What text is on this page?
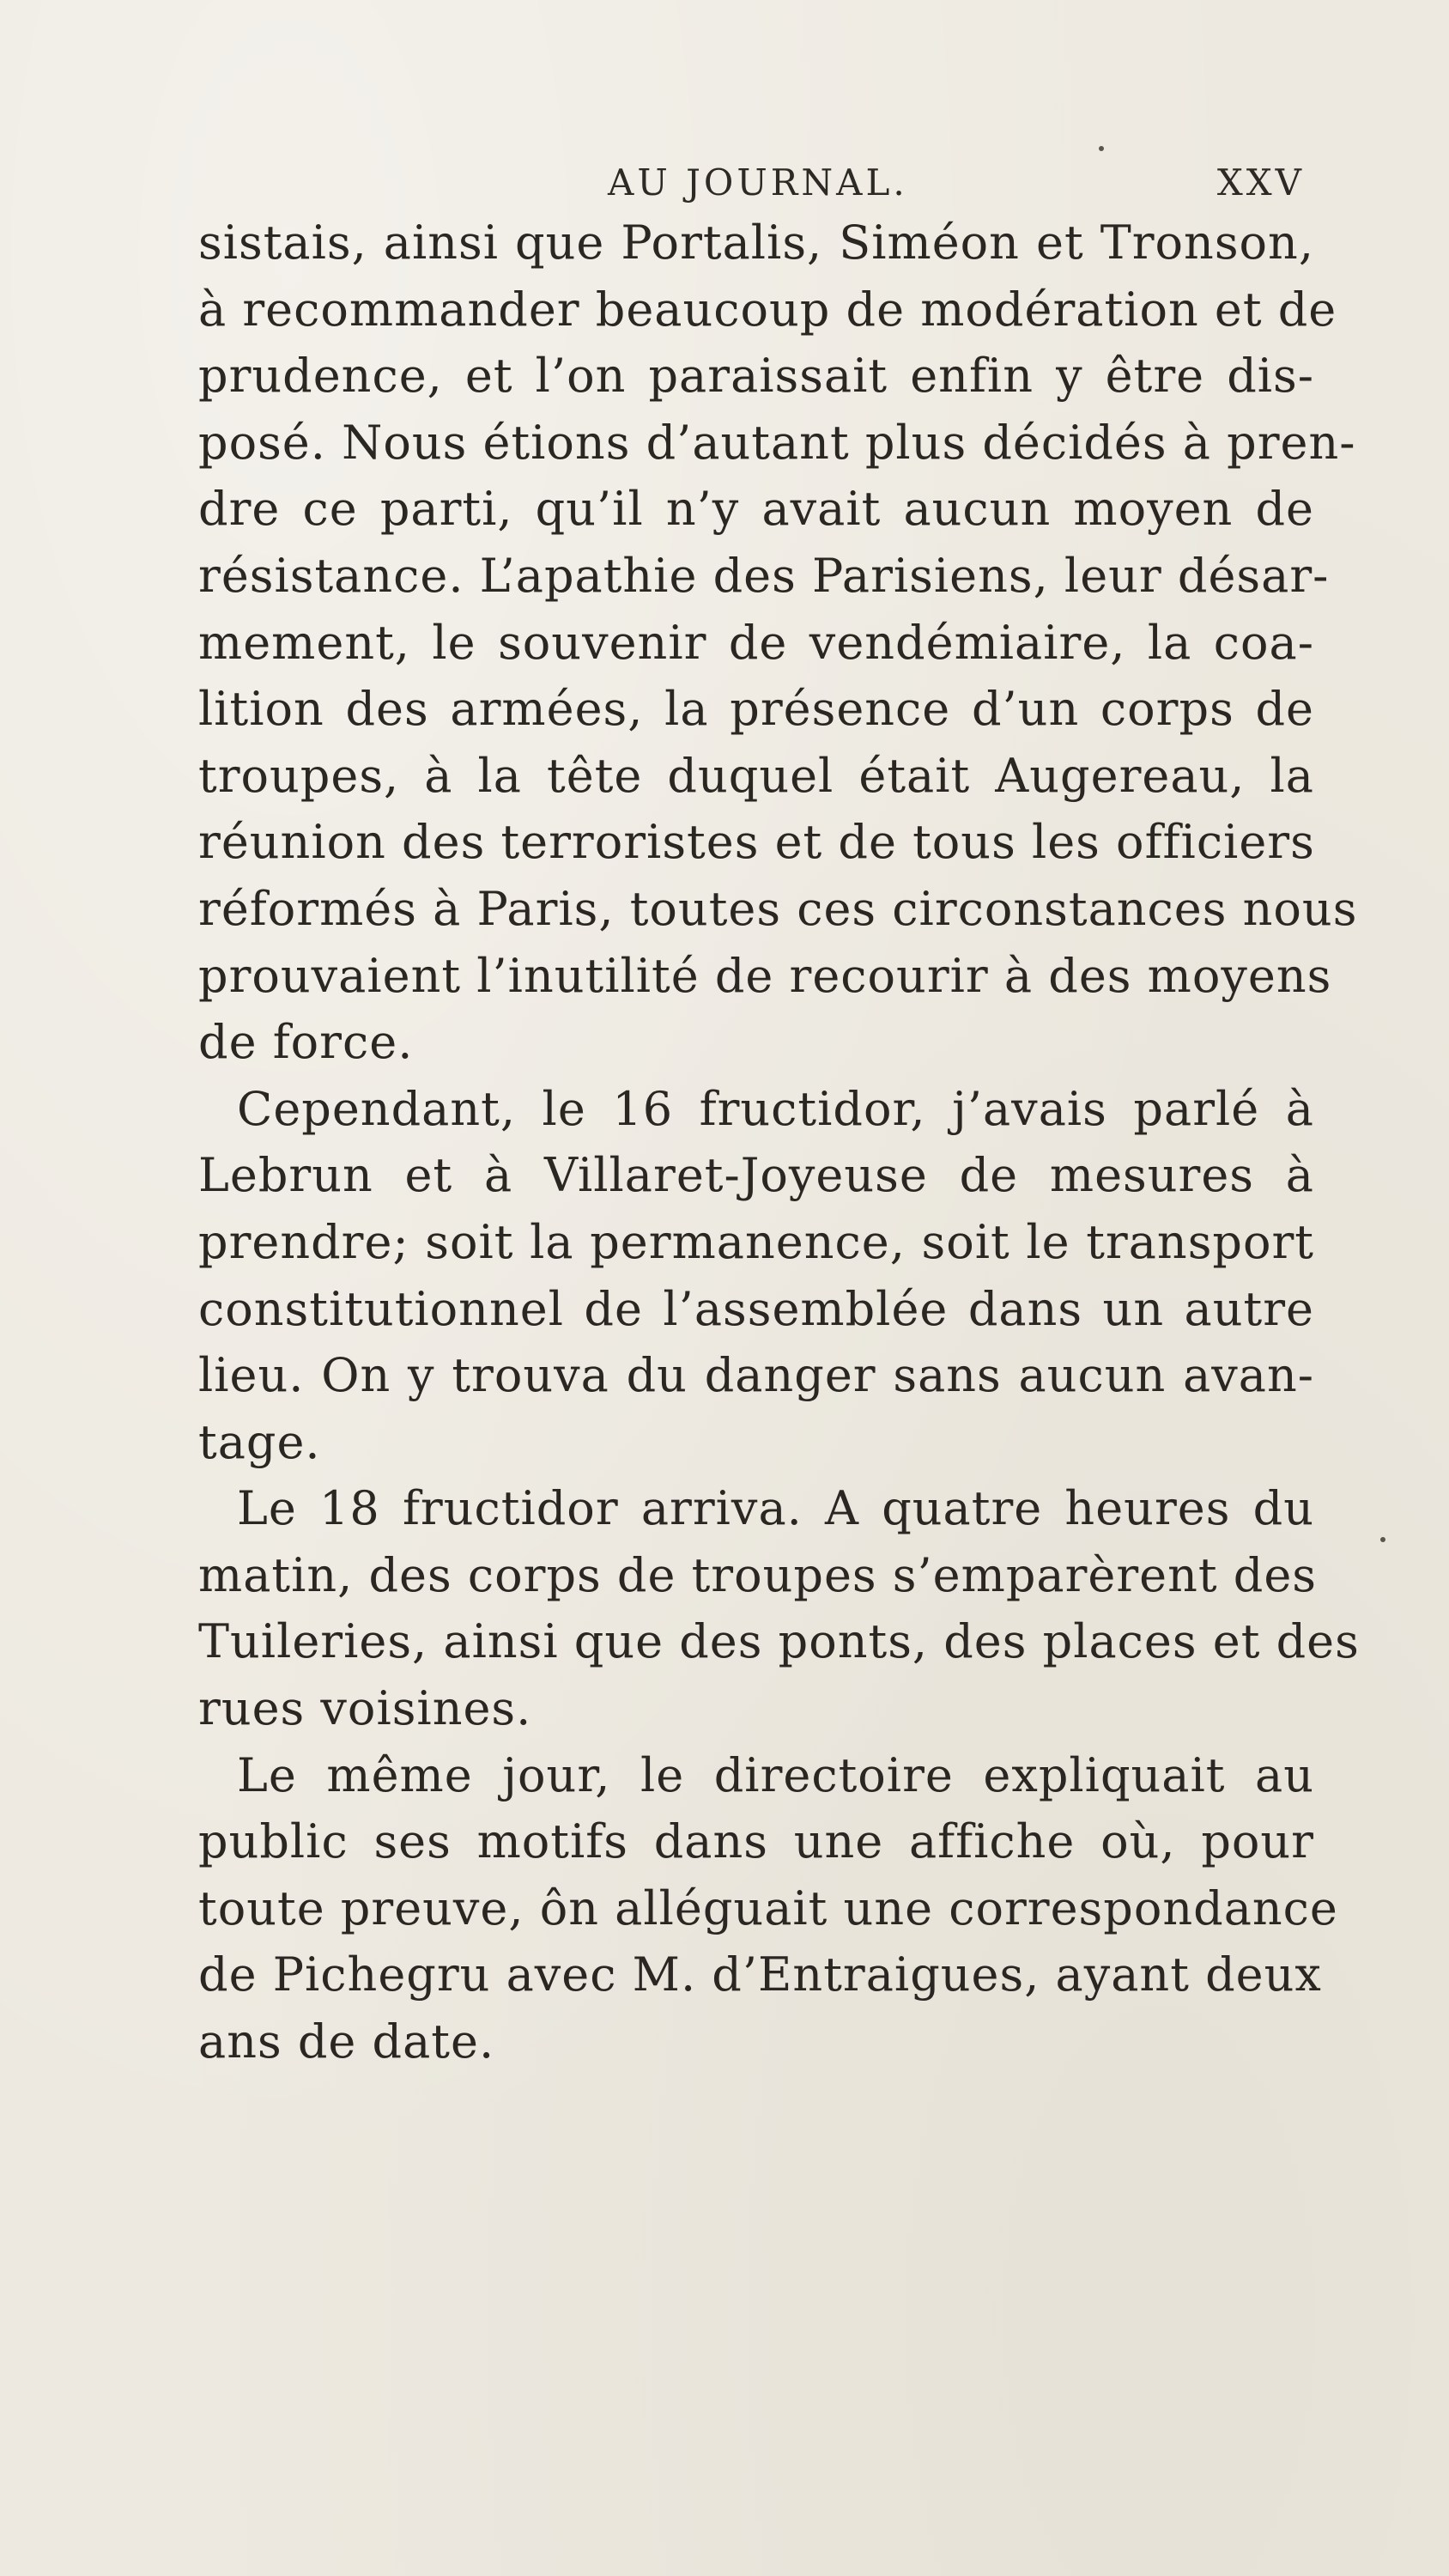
AU JOURNAL.	XXV
sistais, ainsi que Portalis, Siméon et Tronson,
à recommander beaucoup de modération et de
prudence, et l’on paraissait enfin y être dis-
posé. Nous étions d’autant plus décidés à pren-
dre ce parti, qu’il n’y avait aucun moyen de
résistance. L’apathie des Parisiens, leur désar-
mement, le souvenir de vendémiaire, la coa-
lition des armées, la présence d’un corps de
troupes, à la tête duquel était Augereau, la
réunion des terroristes et de tous les officiers
réformés à Paris, toutes ces circonstances nous
prouvaient l’inutilité de recourir à des moyens
de force.
Cependant, le 16 fructidor, j’avais parlé à
Lebrun et à Villaret-Joyeuse de mesures à
prendre; soit la permanence, soit le transport
constitutionnel de l’assemblée dans un autre
lieu. On y trouva du danger sans aucun avan-
tage.
Le 18 fructidor arriva. A quatre heures du
matin, des corps de troupes s’emparèrent des
Tuileries, ainsi que des ponts, des places et des
rues voisines.
Le même jour, le directoire expliquait au
public ses motifs dans une affiche où, pour
toute preuve, ôn alléguait une correspondance
de Pichegru avec M. d’Entraigues, ayant deux
ans de date.
